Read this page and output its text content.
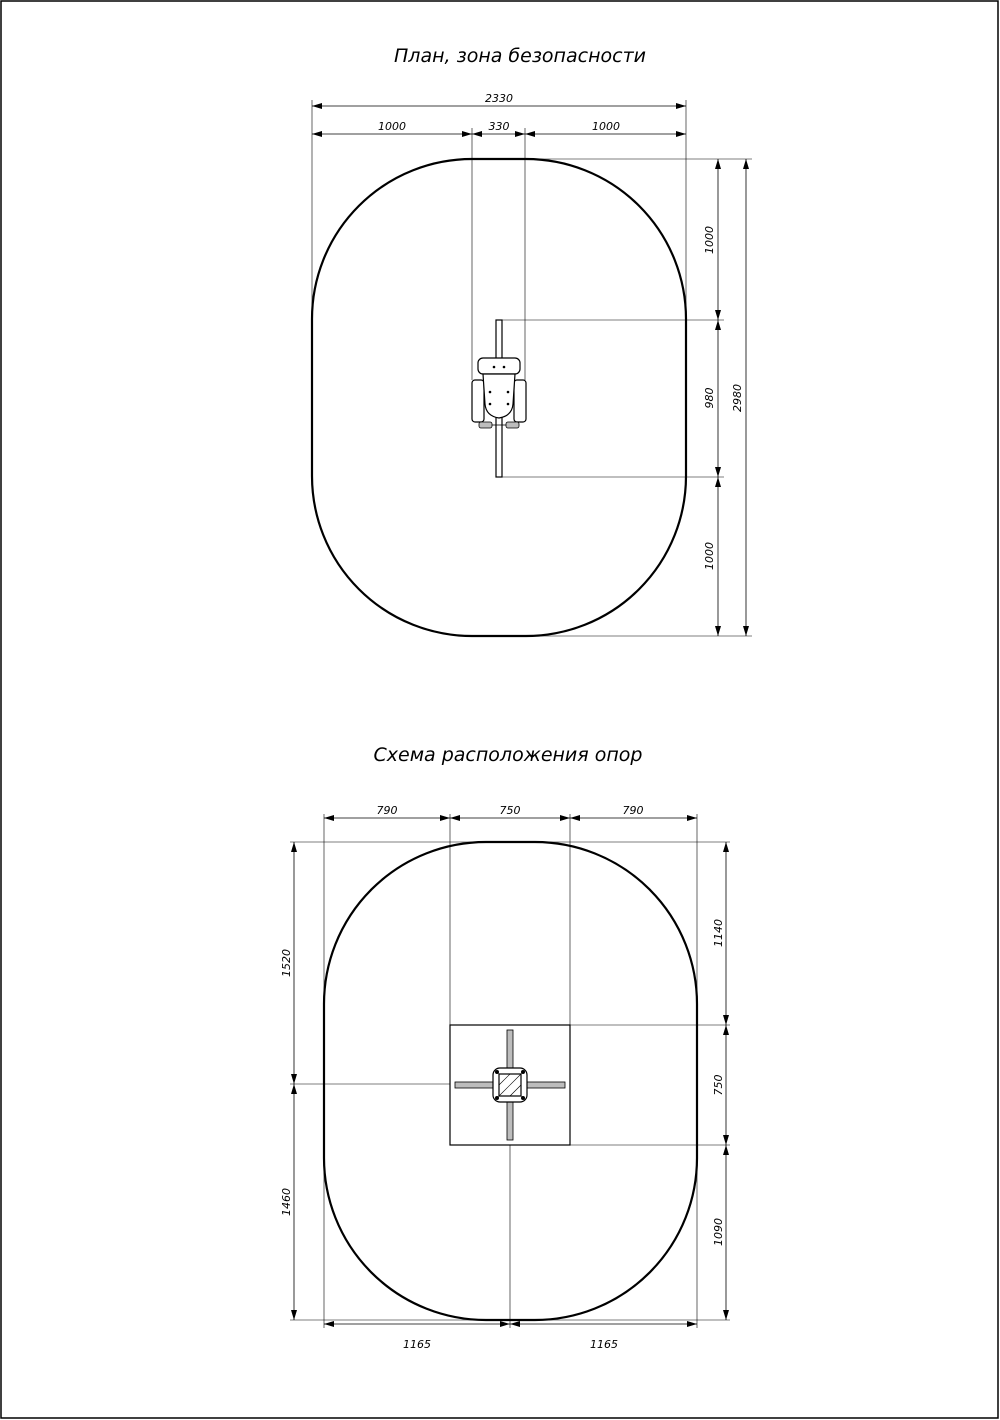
План, зона безопасности
2330
1000	330	1000
1000
980
1000
2980
Схема расположения опор
790	750	790
1165	1165
1520
1460
1140
750
1090
